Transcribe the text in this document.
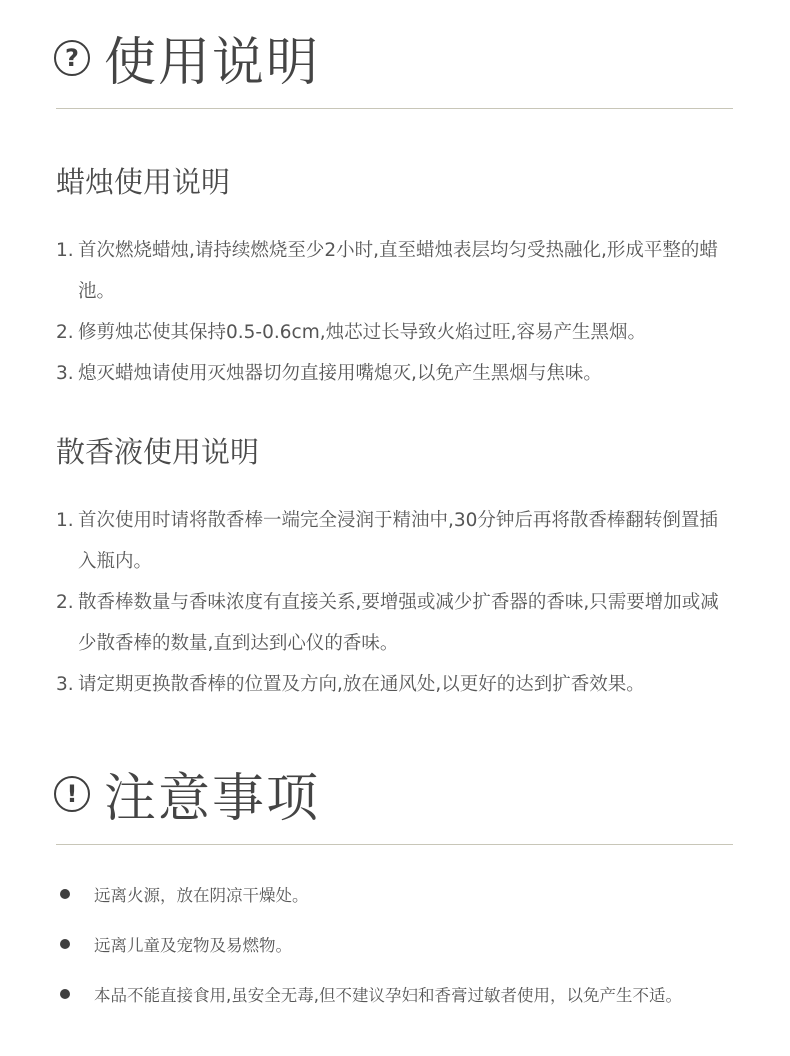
? 使用说明
蜡烛使用说明
1. 首次燃烧蜡烛,请持续燃烧至少2小时,直至蜡烛表层均匀受热融化,形成平整的蜡池。
2. 修剪烛芯使其保持0.5-0.6cm,烛芯过长导致火焰过旺,容易产生黑烟。
3. 熄灭蜡烛请使用灭烛器切勿直接用嘴熄灭,以免产生黑烟与焦味。
散香液使用说明
1. 首次使用时请将散香棒一端完全浸润于精油中,30分钟后再将散香棒翻转倒置插入瓶内。
2. 散香棒数量与香味浓度有直接关系,要增强或减少扩香器的香味,只需要增加或减少散香棒的数量,直到达到心仪的香味。
3. 请定期更换散香棒的位置及方向,放在通风处,以更好的达到扩香效果。
! 注意事项
远离火源，放在阴凉干燥处。
远离儿童及宠物及易燃物。
本品不能直接食用,虽安全无毒,但不建议孕妇和香膏过敏者使用，以免产生不适。
